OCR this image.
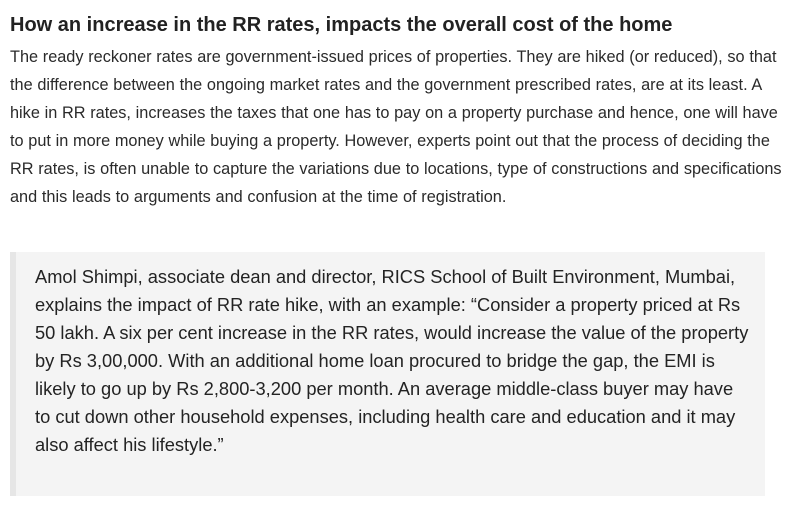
How an increase in the RR rates, impacts the overall cost of the home

The ready reckoner rates are government-issued prices of properties. They are hiked (or reduced), so that the difference between the ongoing market rates and the government prescribed rates, are at its least. A hike in RR rates, increases the taxes that one has to pay on a property purchase and hence, one will have to put in more money while buying a property. However, experts point out that the process of deciding the RR rates, is often unable to capture the variations due to locations, type of constructions and specifications and this leads to arguments and confusion at the time of registration.

Amol Shimpi, associate dean and director, RICS School of Built Environment, Mumbai, explains the impact of RR rate hike, with an example: “Consider a property priced at Rs 50 lakh. A six per cent increase in the RR rates, would increase the value of the property by Rs 3,00,000. With an additional home loan procured to bridge the gap, the EMI is likely to go up by Rs 2,800-3,200 per month. An average middle-class buyer may have to cut down other household expenses, including health care and education and it may also affect his lifestyle.”
